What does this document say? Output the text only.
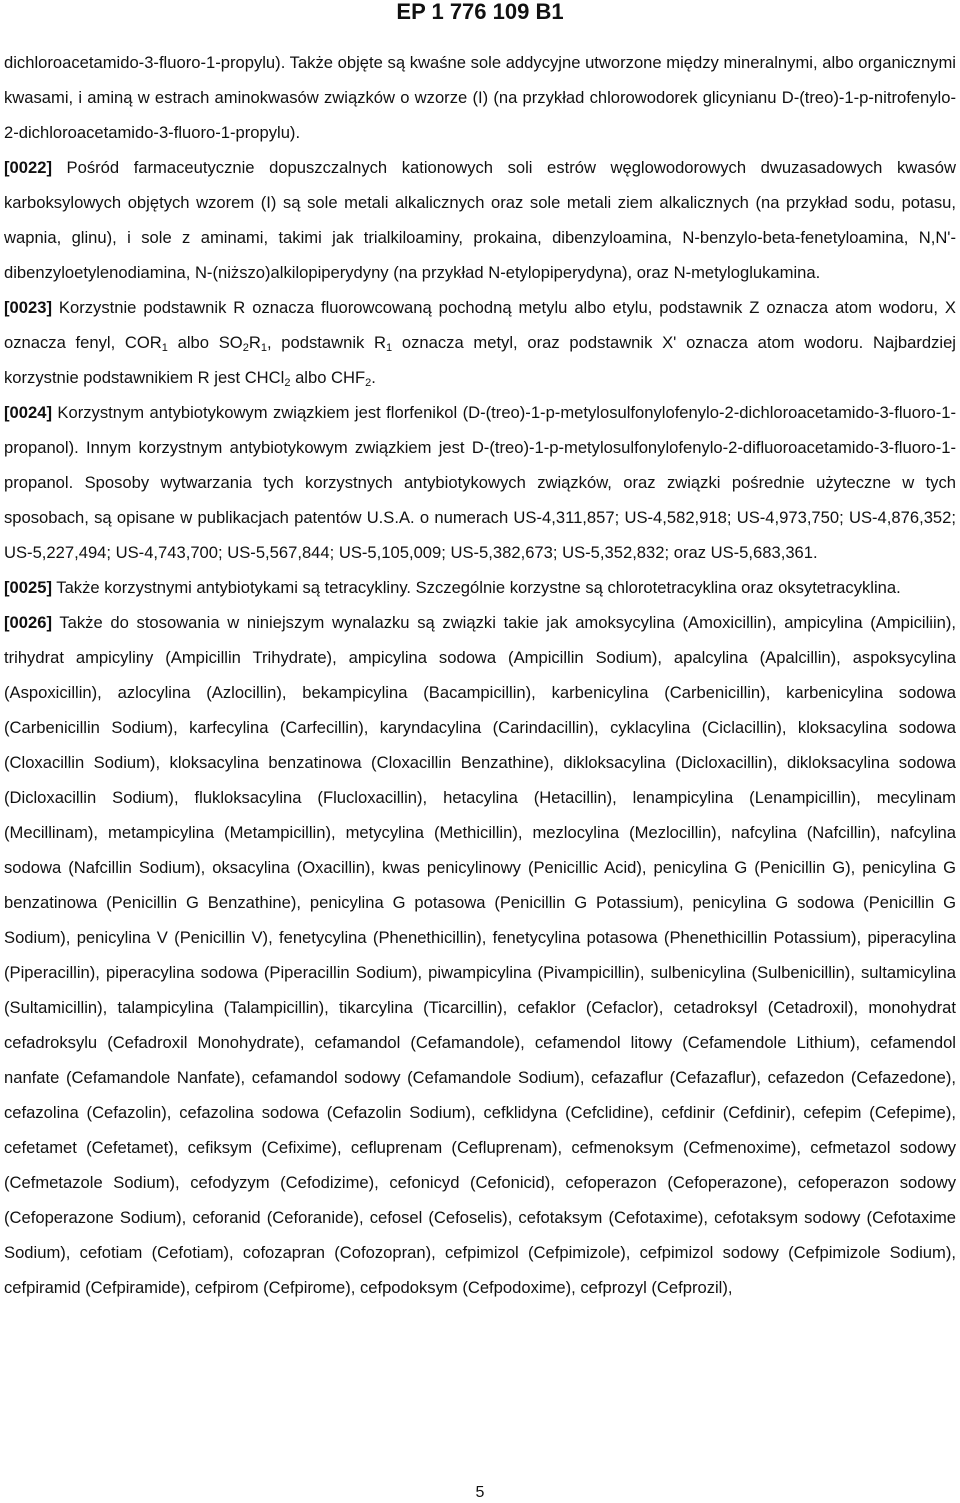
EP 1 776 109 B1

dichloroacetamido-3-fluoro-1-propylu). Także objęte są kwaśne sole addycyjne utworzone między mineralnymi, albo organicznymi kwasami, i aminą w estrach aminokwasów związków o wzorze (I) (na przykład chlorowodorek glicynianu D-(treo)-1-p-nitrofenylo-2-dichloroacetamido-3-fluoro-1-propylu).

[0022] Pośród farmaceutycznie dopuszczalnych kationowych soli estrów węglowodorowych dwuzasadowych kwasów karboksylowych objętych wzorem (I) są sole metali alkalicznych oraz sole metali ziem alkalicznych (na przykład sodu, potasu, wapnia, glinu), i sole z aminami, takimi jak trialkiloaminy, prokaina, dibenzyloamina, N-benzylo-beta-fenetyloamina, N,N'-dibenzyloetylenodiamina, N-(niższo)alkilopiperydyny (na przykład N-etylopiperydyna), oraz N-metyloglukamina.

[0023] Korzystnie podstawnik R oznacza fluorowcowaną pochodną metylu albo etylu, podstawnik Z oznacza atom wodoru, X oznacza fenyl, $COR_1$ albo $SO_2R_1$, podstawnik $R_1$ oznacza metyl, oraz podstawnik X' oznacza atom wodoru. Najbardziej korzystnie podstawnikiem R jest CHCl$_2$ albo $CHF_2$.

[0024] Korzystnym antybiotykowym związkiem jest florfenikol (D-(treo)-1-p-metylosulfonylofenylo-2-dichloroacetamido-3-fluoro-1-propanol). Innym korzystnym antybiotykowym związkiem jest D-(treo)-1-p-metylosulfonylofenylo-2-difluoroacetamido-3-fluoro-1-propanol. Sposoby wytwarzania tych korzystnych antybiotykowych związków, oraz związki pośrednie użyteczne w tych sposobach, są opisane w publikacjach patentów U.S.A. o numerach US-4,311,857; US-4,582,918; US-4,973,750; US-4,876,352; US-5,227,494; US-4,743,700; US-5,567,844; US-5,105,009; US-5,382,673; US-5,352,832; oraz US-5,683,361.

[0025] Także korzystnymi antybiotykami są tetracykliny. Szczególnie korzystne są chlorotetracyklina oraz oksytetracyklina.

[0026] Także do stosowania w niniejszym wynalazku są związki takie jak amoksycylina (Amoxicillin), ampicylina (Ampiciliin), trihydrat ampicyliny (Ampicillin Trihydrate), ampicylina sodowa (Ampicillin Sodium), apalcylina (Apalcillin), aspoksycylina (Aspoxicillin), azlocylina (Azlocillin), bekampicylina (Bacampicillin), karbenicylina (Carbenicillin), karbenicylina sodowa (Carbenicillin Sodium), karfecylina (Carfecillin), karyndacylina (Carindacillin), cyklacylina (Ciclacillin), kloksacylina sodowa (Cloxacillin Sodium), kloksacylina benzatinowa (Cloxacillin Benzathine), dikloksacylina (Dicloxacillin), dikloksacylina sodowa (Dicloxacillin Sodium), flukloksacylina (Flucloxacillin), hetacylina (Hetacillin), lenampicylina (Lenampicillin), mecylinam (Mecillinam), metampicylina (Metampicillin), metycylina (Methicillin), mezlocylina (Mezlocillin), nafcylina (Nafcillin), nafcylina sodowa (Nafcillin Sodium), oksacylina (Oxacillin), kwas penicylinowy (Penicillic Acid), penicylina G (Penicillin G), penicylina G benzatinowa (Penicillin G Benzathine), penicylina G potasowa (Penicillin G Potassium), penicylina G sodowa (Penicillin G Sodium), penicylina V (Penicillin V), fenetycylina (Phenethicillin), fenetycylina potasowa (Phenethicillin Potassium), piperacylina (Piperacillin), piperacylina sodowa (Piperacillin Sodium), piwampicylina (Pivampicillin), sulbenicylina (Sulbenicillin), sultamicylina (Sultamicillin), talampicylina (Talampicillin), tikarcylina (Ticarcillin), cefaklor (Cefaclor), cetadroksyl (Cetadroxil), monohydrat cefadroksylu (Cefadroxil Monohydrate), cefamandol (Cefamandole), cefamendol litowy (Cefamendole Lithium), cefamendol nanfate (Cefamandole Nanfate), cefamandol sodowy (Cefamandole Sodium), cefazaflur (Cefazaflur), cefazedon (Cefazedone), cefazolina (Cefazolin), cefazolina sodowa (Cefazolin Sodium), cefklidyna (Cefclidine), cefdinir (Cefdinir), cefepim (Cefepime), cefetamet (Cefetamet), cefiksym (Cefixime), cefluprenam (Cefluprenam), cefmenoksym (Cefmenoxime), cefmetazol sodowy (Cefmetazole Sodium), cefodyzym (Cefodizime), cefonicyd (Cefonicid), cefoperazon (Cefoperazone), cefoperazon sodowy (Cefoperazone Sodium), ceforanid (Ceforanide), cefosel (Cefoselis), cefotaksym (Cefotaxime), cefotaksym sodowy (Cefotaxime Sodium), cefotiam (Cefotiam), cofozapran (Cofozopran), cefpimizol (Cefpimizole), cefpimizol sodowy (Cefpimizole Sodium), cefpiramid (Cefpiramide), cefpirom (Cefpirome), cefpodoksym (Cefpodoxime), cefprozyl (Cefprozil),

5
